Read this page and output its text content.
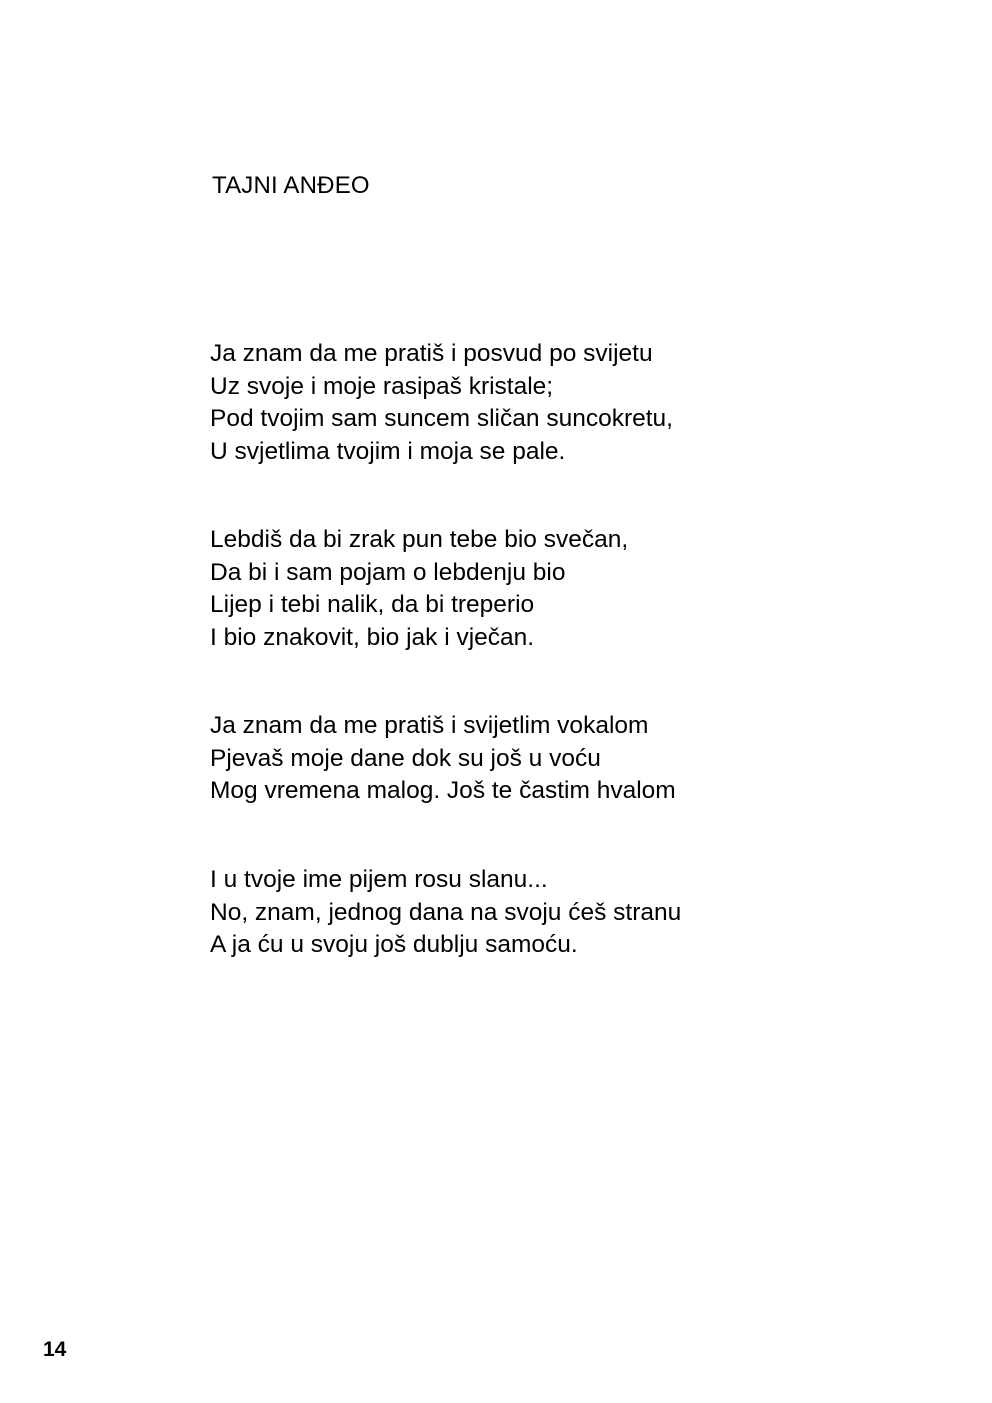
TAJNI ANĐEO
Ja znam da me pratiš i posvud po svijetu
Uz svoje i moje rasipaš kristale;
Pod tvojim sam suncem sličan suncokretu,
U svjetlima tvojim i moja se pale.
Lebdiš da bi zrak pun tebe bio svečan,
Da bi i sam pojam o lebdenju bio
Lijep i tebi nalik, da bi treperio
I bio znakovit, bio jak i vječan.
Ja znam da me pratiš i svijetlim vokalom
Pjevaš moje dane dok su još u voću
Mog vremena malog. Još te častim hvalom
I u tvoje ime pijem rosu slanu...
No, znam, jednog dana na svoju ćeš stranu
A ja ću u svoju još dublju samoću.
14
